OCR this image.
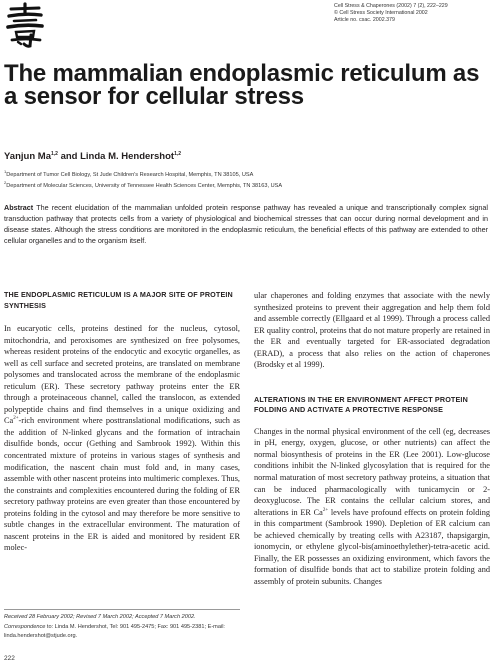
Cell Stress & Chaperones (2002) 7 (2), 222–229
© Cell Stress Society International 2002
Article no. csac. 2002.379
The mammalian endoplasmic reticulum as a sensor for cellular stress
Yanjun Ma$^{1,2}$ and Linda M. Hendershot$^{1,2}$
$^1$Department of Tumor Cell Biology, St Jude Children's Research Hospital, Memphis, TN 38105, USA
$^2$Department of Molecular Sciences, University of Tennessee Health Sciences Center, Memphis, TN 38163, USA

Abstract The recent elucidation of the mammalian unfolded protein response pathway has revealed a unique and transcriptionally complex signal transduction pathway that protects cells from a variety of physiological and biochemical stresses that can occur during normal development and in disease states. Although the stress conditions are monitored in the endoplasmic reticulum, the beneficial effects of this pathway are extended to other cellular organelles and to the organism itself.

THE ENDOPLASMIC RETICULUM IS A MAJOR SITE OF PROTEIN SYNTHESIS

In eucaryotic cells, proteins destined for the nucleus, cytosol, mitochondria, and peroxisomes are synthesized on free polysomes, whereas resident proteins of the endocytic and exocytic organelles, as well as cell surface and secreted proteins, are translated on membrane polysomes and translocated across the membrane of the endoplasmic reticulum (ER). These secretory pathway proteins enter the ER through a proteinaceous channel, called the translocon, as extended polypeptide chains and find themselves in a unique oxidizing and $Ca^{2+}$-rich environment where posttranslational modifications, such as the addition of N-linked glycans and the formation of intrachain disulfide bonds, occur (Gething and Sambrook 1992). Within this concentrated mixture of proteins in various stages of synthesis and modification, the nascent chain must fold and, in many cases, assemble with other nascent proteins into multimeric complexes. Thus, the constraints and complexities encountered during the folding of ER secretory pathway proteins are even greater than those encountered by proteins folding in the cytosol and may therefore be more sensitive to subtle changes in the extracellular environment. The maturation of nascent proteins in the ER is aided and monitored by resident ER molec-

ular chaperones and folding enzymes that associate with the newly synthesized proteins to prevent their aggregation and help them fold and assemble correctly (Ellgaard et al 1999). Through a process called ER quality control, proteins that do not mature properly are retained in the ER and eventually targeted for ER-associated degradation (ERAD), a process that also relies on the action of chaperones (Brodsky et al 1999).

ALTERATIONS IN THE ER ENVIRONMENT AFFECT PROTEIN FOLDING AND ACTIVATE A PROTECTIVE RESPONSE

Changes in the normal physical environment of the cell (eg, decreases in pH, energy, oxygen, glucose, or other nutrients) can affect the normal biosynthesis of proteins in the ER (Lee 2001). Low-glucose conditions inhibit the N-linked glycosylation that is required for the normal maturation of most secretory pathway proteins, a situation that can be induced pharmacologically with tunicamycin or 2-deoxyglucose. The ER contains the cellular calcium stores, and alterations in ER $Ca^{2+}$ levels have profound effects on protein folding in this compartment (Sambrook 1990). Depletion of ER calcium can be achieved chemically by treating cells with A23187, thapsigargin, ionomycin, or ethylene glycol-bis(aminoethylether)-tetra-acetic acid. Finally, the ER possesses an oxidizing environment, which favors the formation of disulfide bonds that act to stabilize protein folding and assembly of protein subunits. Changes

Received 28 February 2002; Revised 7 March 2002; Accepted 7 March 2002.
Correspondence to: Linda M. Hendershot, Tel: 901 495-2475; Fax: 901 495-2381; E-mail: linda.hendershot@stjude.org.
222
